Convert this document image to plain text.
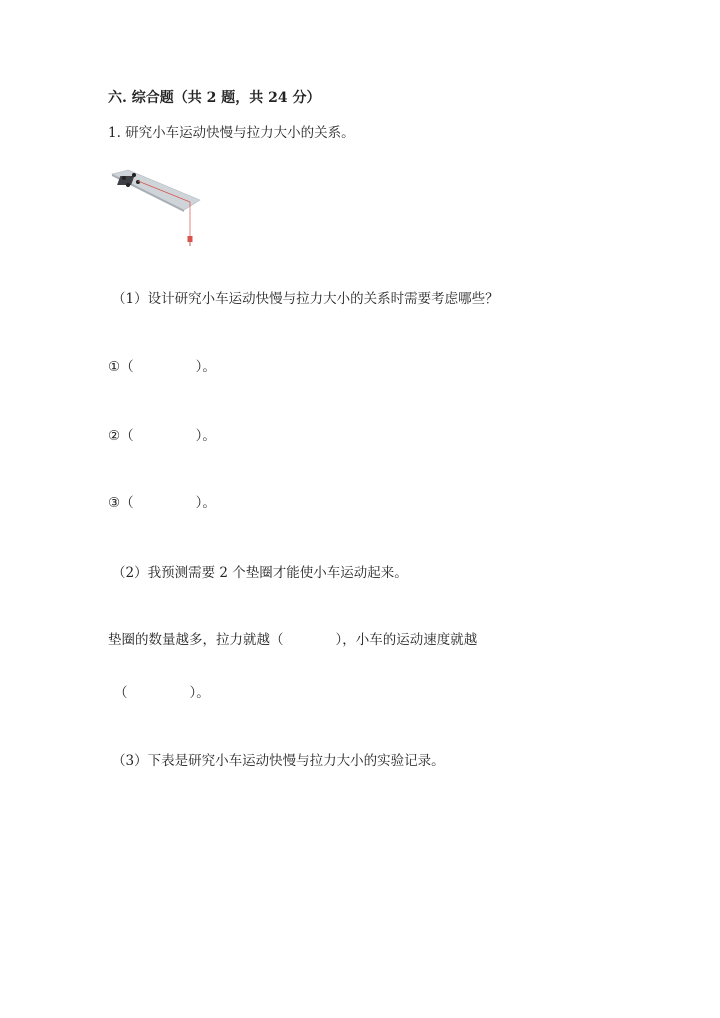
六. 综合题（共 2 题，共 24 分）
1. 研究小车运动快慢与拉力大小的关系。
（1）设计研究小车运动快慢与拉力大小的关系时需要考虑哪些？
①（	）。
②（	）。
③（	）。
（2）我预测需要 2 个垫圈才能使小车运动起来。
垫圈的数量越多，拉力就越（	），小车的运动速度就越
（	）。
（3）下表是研究小车运动快慢与拉力大小的实验记录。
